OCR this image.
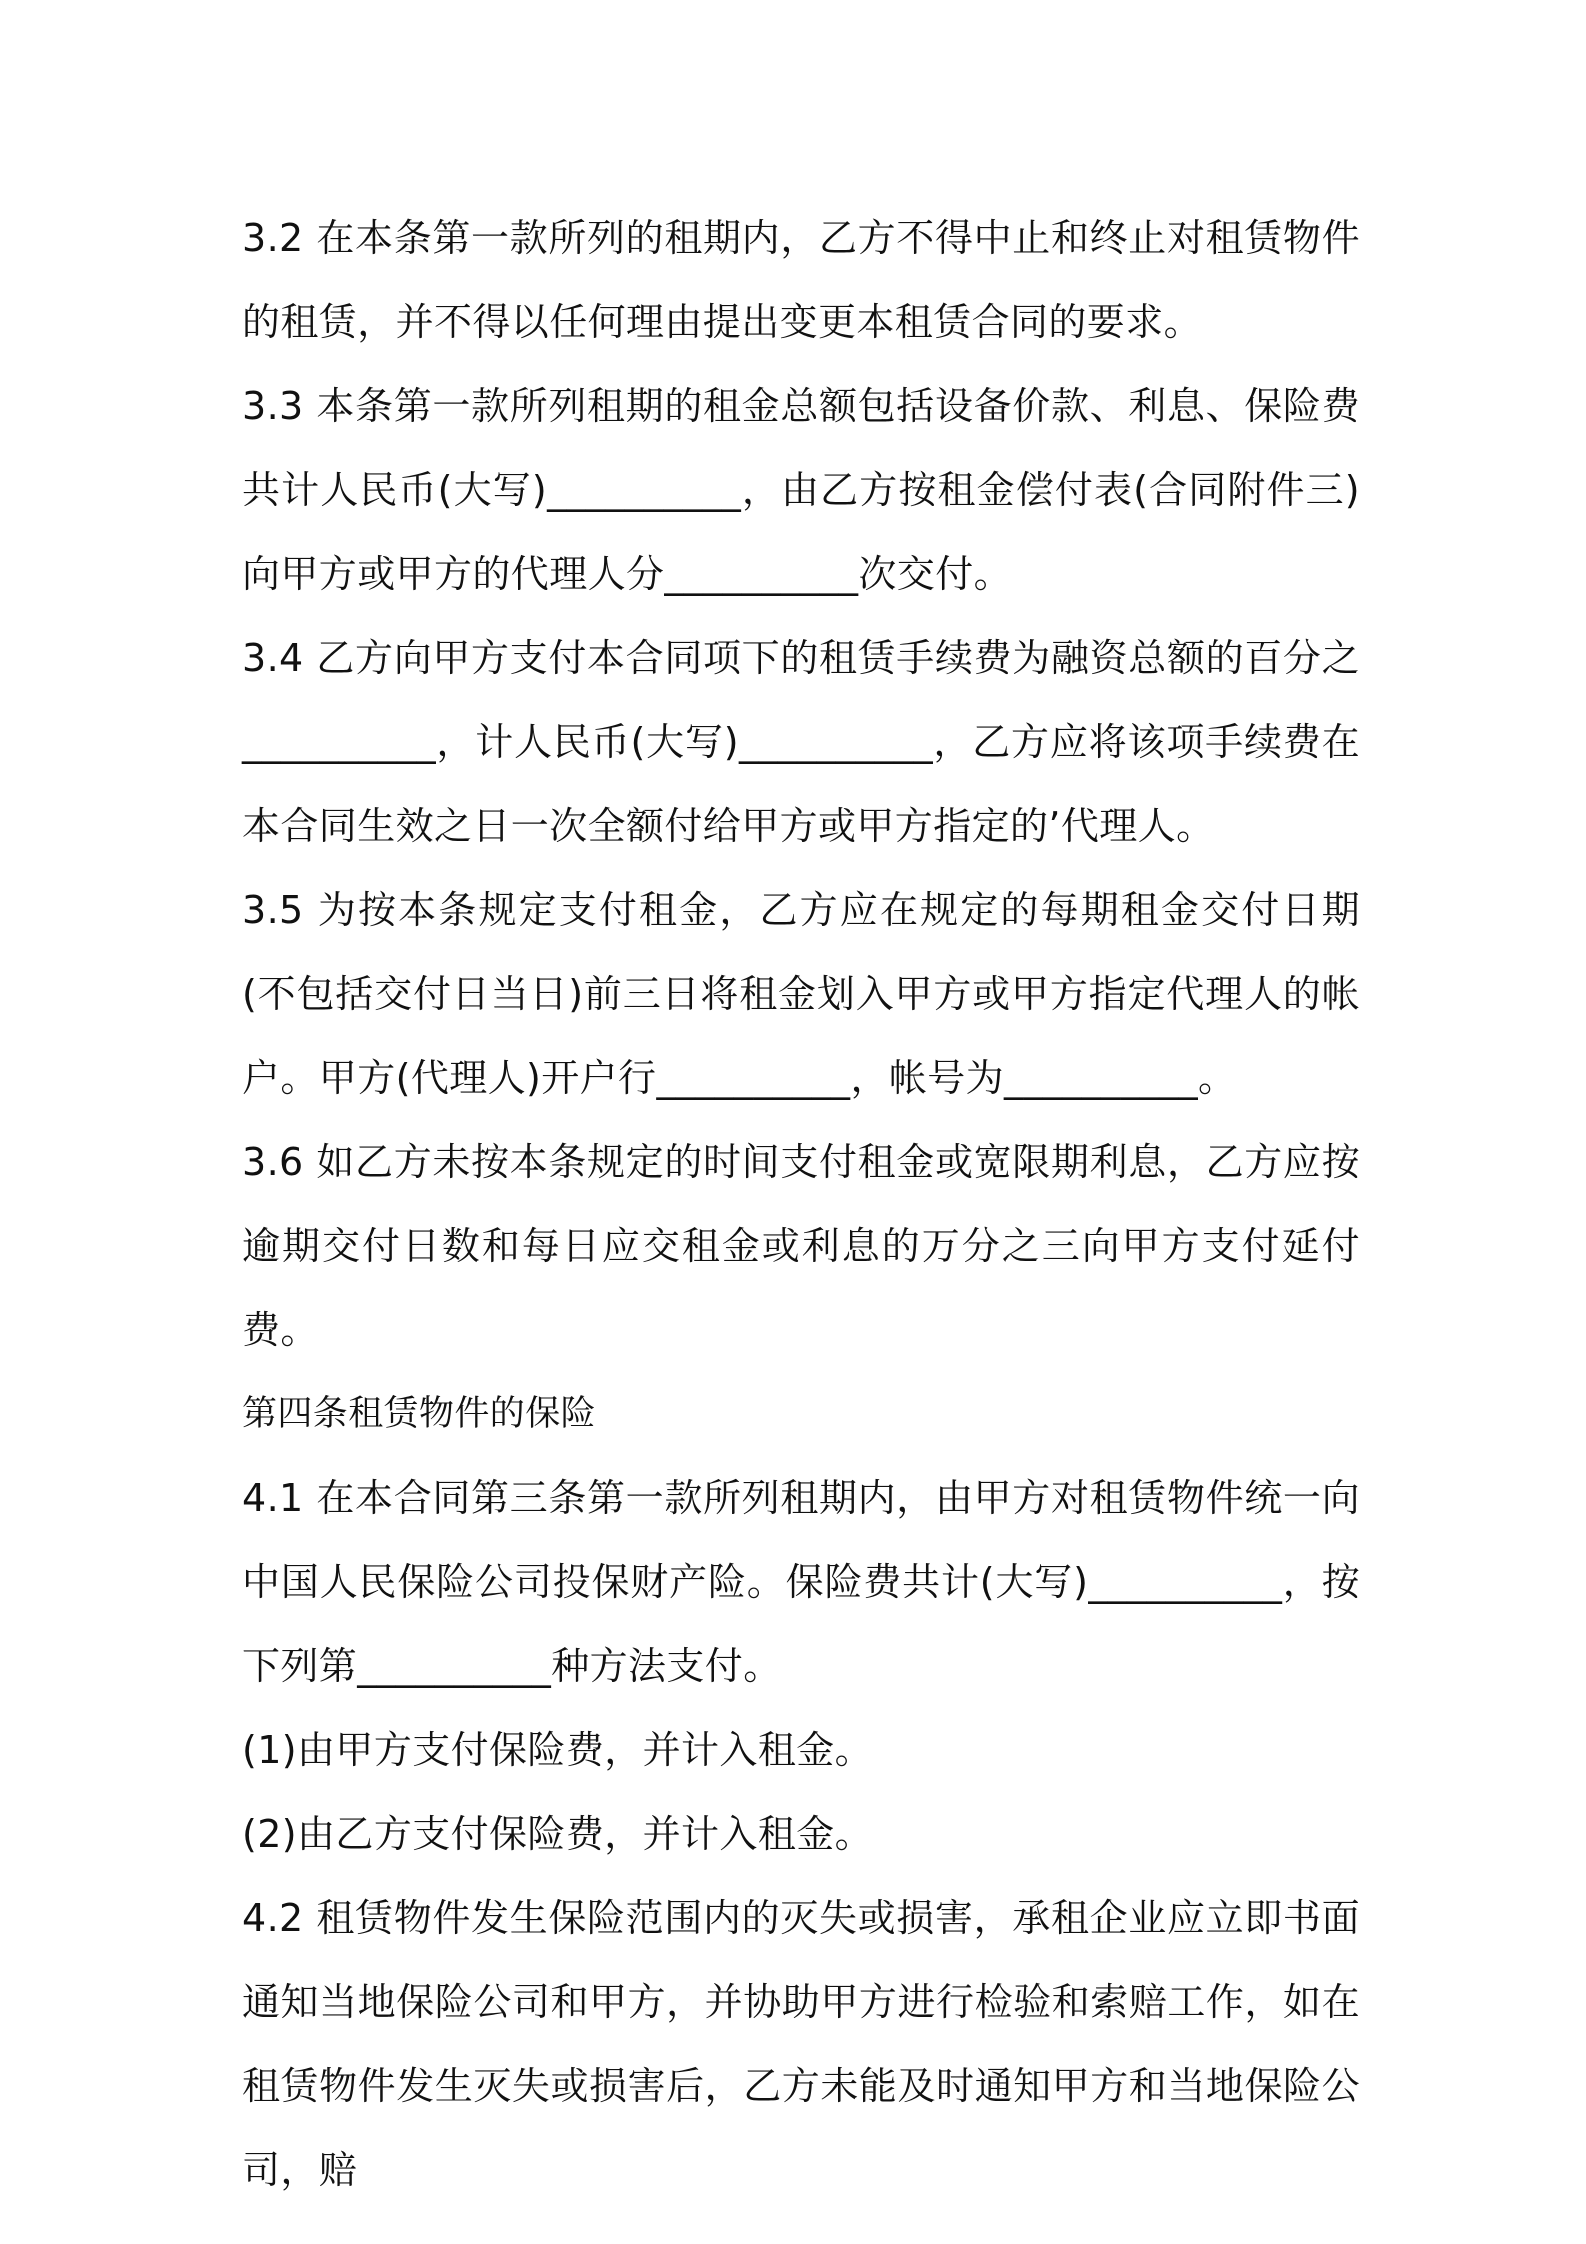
3.2 在本条第一款所列的租期内，乙方不得中止和终止对租赁物件的租赁，并不得以任何理由提出变更本租赁合同的要求。

3.3 本条第一款所列租期的租金总额包括设备价款、利息、保险费共计人民币(大写)__________，由乙方按租金偿付表(合同附件三)向甲方或甲方的代理人分__________次交付。

3.4 乙方向甲方支付本合同项下的租赁手续费为融资总额的百分之__________，计人民币(大写)__________，乙方应将该项手续费在本合同生效之日一次全额付给甲方或甲方指定的’代理人。

3.5 为按本条规定支付租金，乙方应在规定的每期租金交付日期(不包括交付日当日)前三日将租金划入甲方或甲方指定代理人的帐户。甲方(代理人)开户行__________，帐号为__________。

3.6 如乙方未按本条规定的时间支付租金或宽限期利息，乙方应按逾期交付日数和每日应交租金或利息的万分之三向甲方支付延付费。

第四条租赁物件的保险

4.1 在本合同第三条第一款所列租期内，由甲方对租赁物件统一向中国人民保险公司投保财产险。保险费共计(大写)__________，按下列第__________种方法支付。

(1)由甲方支付保险费，并计入租金。

(2)由乙方支付保险费，并计入租金。

4.2 租赁物件发生保险范围内的灭失或损害，承租企业应立即书面通知当地保险公司和甲方，并协助甲方进行检验和索赔工作，如在租赁物件发生灭失或损害后，乙方未能及时通知甲方和当地保险公司，赔
